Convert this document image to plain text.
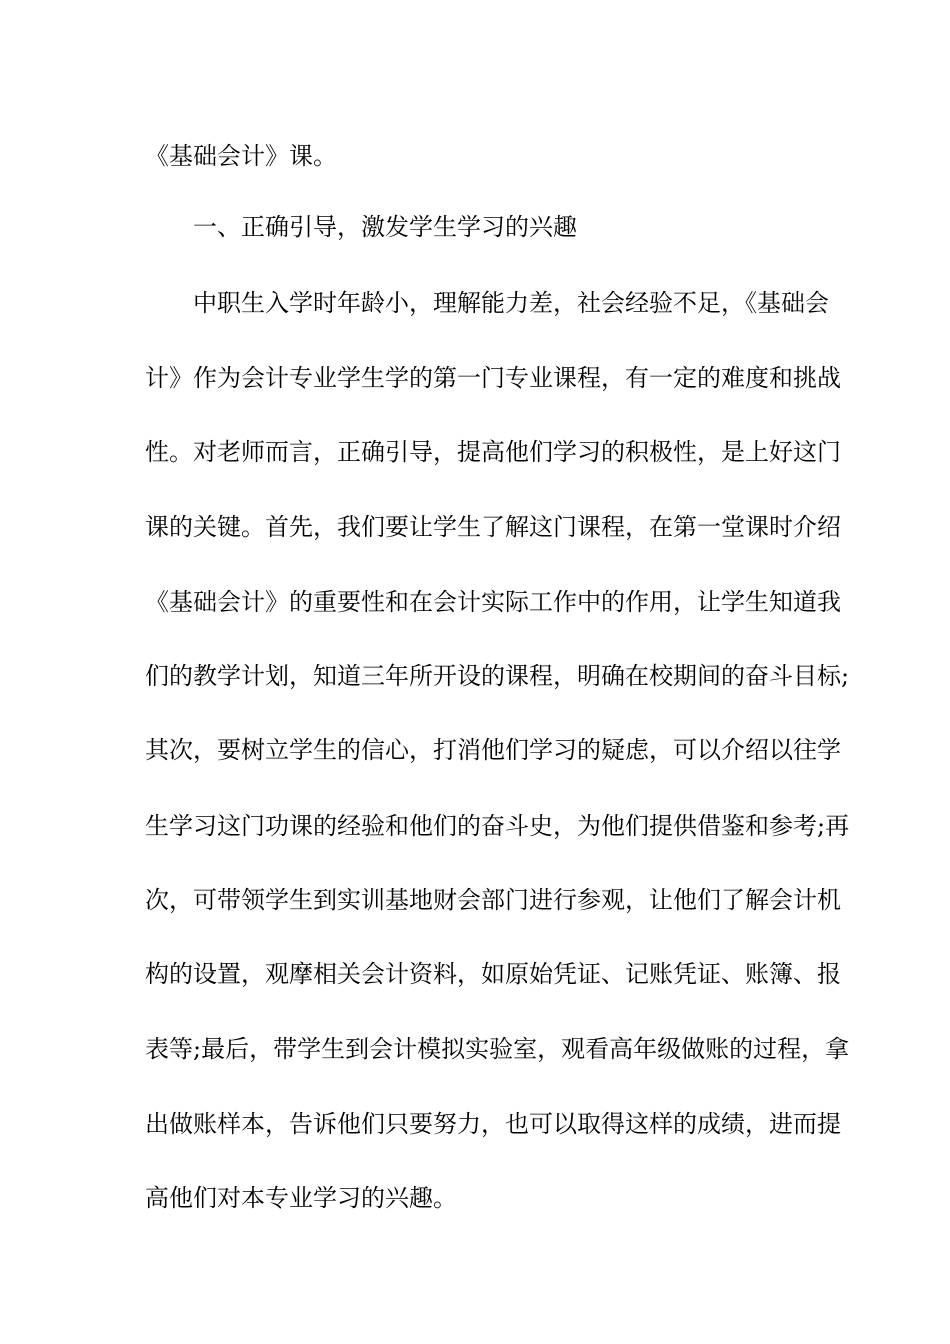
《基础会计》课。
一、正确引导，激发学生学习的兴趣
中职生入学时年龄小，理解能力差，社会经验不足，《基础会
计》作为会计专业学生学的第一门专业课程，有一定的难度和挑战
性。对老师而言，正确引导，提高他们学习的积极性，是上好这门
课的关键。首先，我们要让学生了解这门课程，在第一堂课时介绍
《基础会计》的重要性和在会计实际工作中的作用，让学生知道我
们的教学计划，知道三年所开设的课程，明确在校期间的奋斗目标;
其次，要树立学生的信心，打消他们学习的疑虑，可以介绍以往学
生学习这门功课的经验和他们的奋斗史，为他们提供借鉴和参考;再
次，可带领学生到实训基地财会部门进行参观，让他们了解会计机
构的设置，观摩相关会计资料，如原始凭证、记账凭证、账簿、报
表等;最后，带学生到会计模拟实验室，观看高年级做账的过程，拿
出做账样本，告诉他们只要努力，也可以取得这样的成绩，进而提
高他们对本专业学习的兴趣。
